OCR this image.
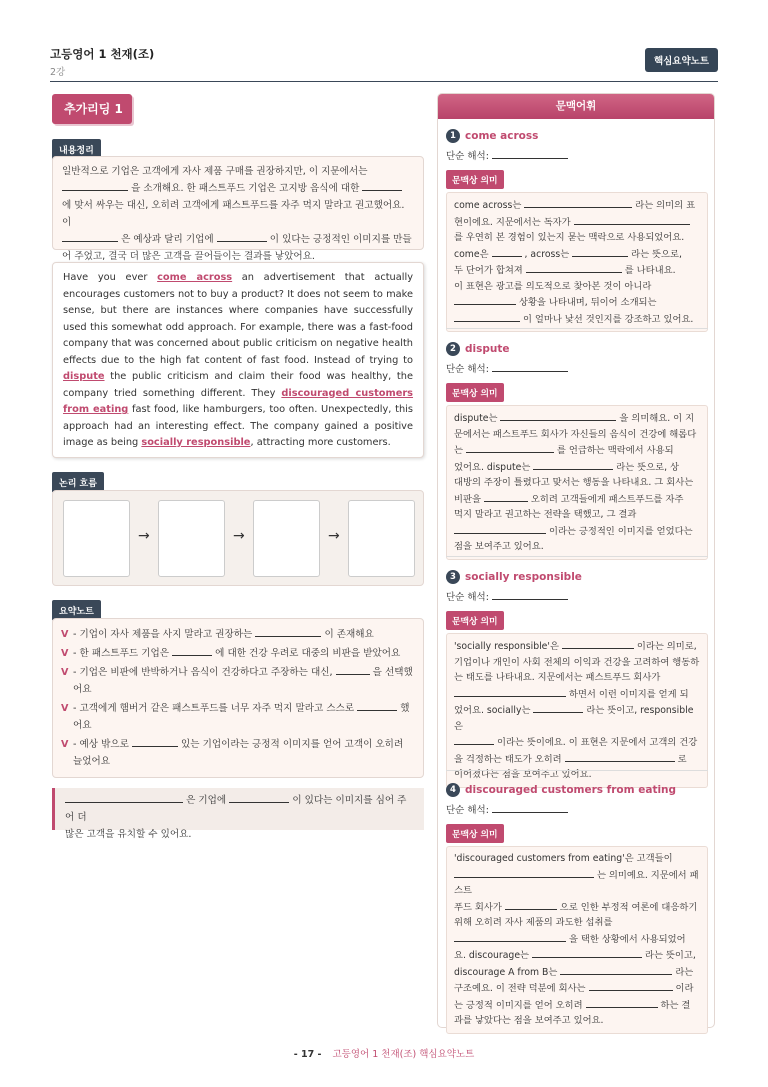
고등영어 1 천재(조)
2강
핵심요약노트
추가리딩 1
내용정리
일반적으로 기업은 고객에게 자사 제품 구매를 권장하지만, 이 지문에서는
을 소개해요. 한 패스트푸드 기업은 고지방 음식에 대한
에 맞서 싸우는 대신, 오히려 고객에게 패스트푸드를 자주 먹지 말라고 권고했어요. 이
은 예상과 달리 기업에	이 있다는 긍정적인 이미지를 만들
어 주었고, 결국 더 많은 고객을 끌어들이는 결과를 낳았어요.
Have you ever come across an advertisement that actually encourages customers not to buy a product? It does not seem to make sense, but there are instances where companies have successfully used this somewhat odd approach. For example, there was a fast-food company that was concerned about public criticism on negative health effects due to the high fat content of fast food. Instead of trying to dispute the public criticism and claim their food was healthy, the company tried something different. They discouraged customers from eating fast food, like hamburgers, too often. Unexpectedly, this approach had an interesting effect. The company gained a positive image as being socially responsible, attracting more customers.
논리 흐름
→	→	→
요약노트
V - 기업이 자사 제품을 사지 말라고 권장하는	이 존재해요
V - 한 패스트푸드 기업은	에 대한 건강 우려로 대중의 비판을 받았어요
V - 기업은 비판에 반박하거나 음식이 건강하다고 주장하는 대신,	을 선택했어요
V - 고객에게 햄버거 같은 패스트푸드를 너무 자주 먹지 말라고 스스로	했어요
V - 예상 밖으로	있는 기업이라는 긍정적 이미지를 얻어 고객이 오히려 늘었어요
은 기업에	이 있다는 이미지를 심어 주어 더
많은 고객을 유치할 수 있어요.
문맥어휘
1 come across
단순 해석:
문맥상 의미
come across는	라는 의미의 표
현이에요. 지문에서는 독자가
를 우연히 본 경험이 있는지 묻는 맥락으로 사용되었어요.
come은	, across는	라는 뜻으로,
두 단어가 합쳐져	를 나타내요.
이 표현은 광고를 의도적으로 찾아본 것이 아니라
상황을 나타내며, 뒤이어 소개되는
이 얼마나 낯선 것인지를 강조하고 있어요.
2 dispute
단순 해석:
문맥상 의미
dispute는	을 의미해요. 이 지
문에서는 패스트푸드 회사가 자신들의 음식이 건강에 해롭다
는	를 언급하는 맥락에서 사용되
었어요. dispute는	라는 뜻으로, 상
대방의 주장이 틀렸다고 맞서는 행동을 나타내요. 그 회사는
비판을	오히려 고객들에게 패스트푸드를 자주
먹지 말라고 권고하는 전략을 택했고, 그 결과
이라는 긍정적인 이미지를 얻었다는
점을 보여주고 있어요.
3 socially responsible
단순 해석:
문맥상 의미
'socially responsible'은	이라는 의미로,
기업이나 개인이 사회 전체의 이익과 건강을 고려하여 행동하
는 태도를 나타내요. 지문에서는 패스트푸드 회사가
하면서 이런 이미지를 얻게 되
었어요. socially는	라는 뜻이고, responsible은
이라는 뜻이에요. 이 표현은 지문에서 고객의 건강
을 걱정하는 태도가 오히려	로
이어졌다는 점을 보여주고 있어요.
4 discouraged customers from eating
단순 해석:
문맥상 의미
'discouraged customers from eating'은 고객들이
는 의미예요. 지문에서 패스트
푸드 회사가	으로 인한 부정적 여론에 대응하기
위해 오히려 자사 제품의 과도한 섭취를
을 택한 상황에서 사용되었어
요. discourage는	라는 뜻이고,
discourage A from B는	라는
구조예요. 이 전략 덕분에 회사는	이라
는 긍정적 이미지를 얻어 오히려	하는 결
과를 낳았다는 점을 보여주고 있어요.
- 17 - 고등영어 1 천재(조) 핵심요약노트
